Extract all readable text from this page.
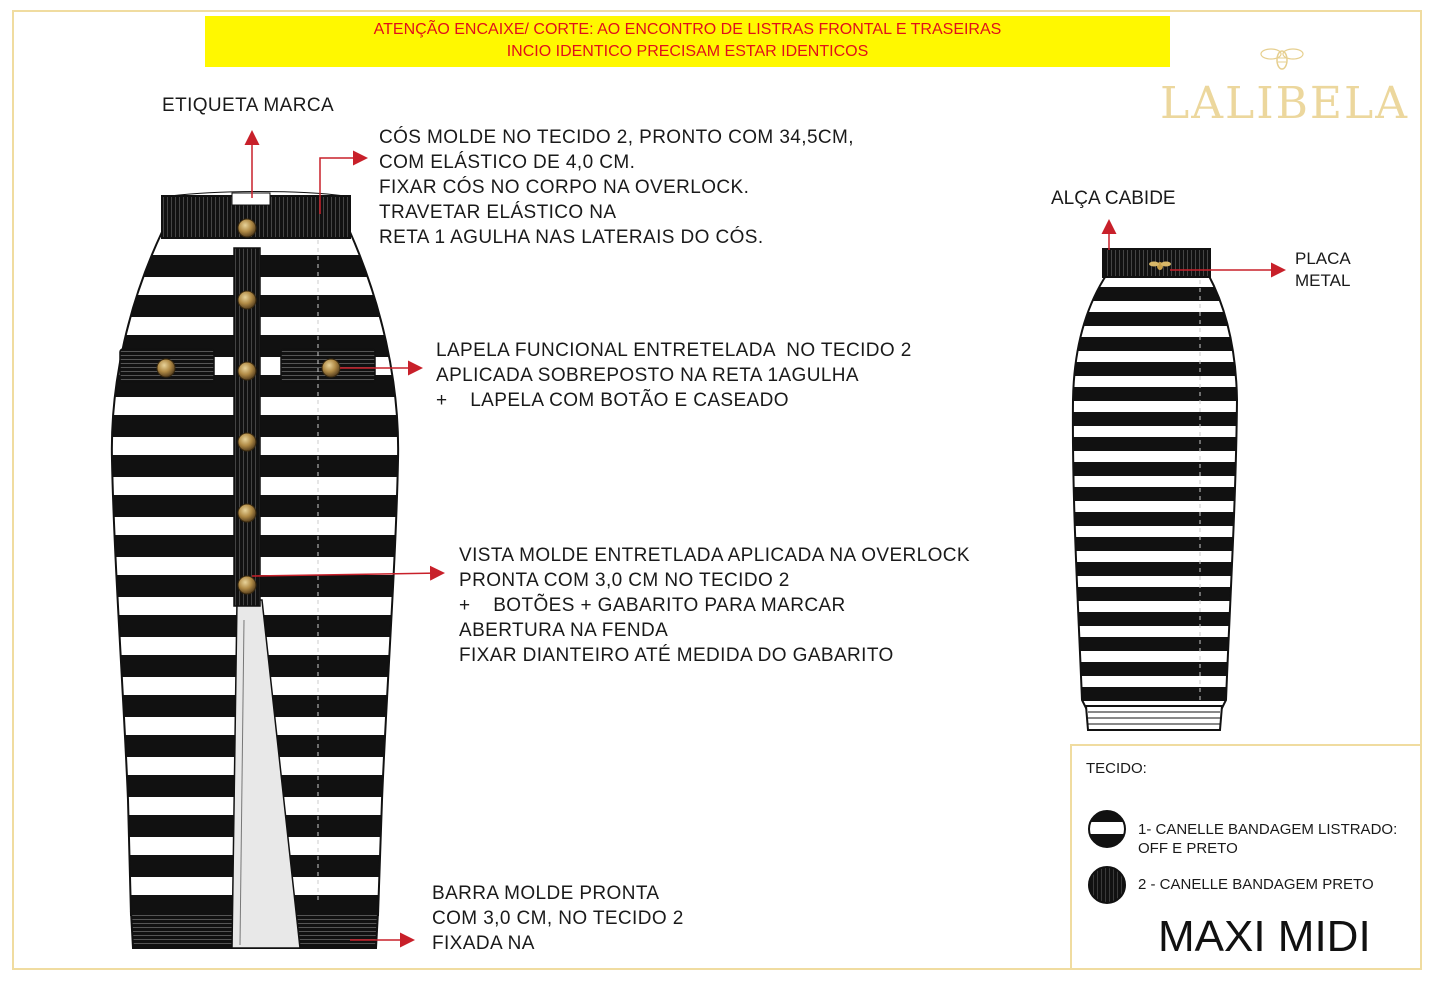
ATENÇÃO ENCAIXE/ CORTE: AO ENCONTRO DE LISTRAS FRONTAL E TRASEIRAS
INCIO IDENTICO PRECISAM ESTAR IDENTICOS
LALIBELA
ETIQUETA MARCA
CÓS MOLDE NO TECIDO 2, PRONTO COM 34,5CM,
COM ELÁSTICO DE 4,0 CM.
FIXAR CÓS NO CORPO NA OVERLOCK.
TRAVETAR ELÁSTICO NA
RETA 1 AGULHA NAS LATERAIS DO CÓS.
LAPELA FUNCIONAL ENTRETELADA  NO TECIDO 2
APLICADA SOBREPOSTO NA RETA 1AGULHA
+    LAPELA COM BOTÃO E CASEADO
VISTA MOLDE ENTRETLADA APLICADA NA OVERLOCK
PRONTA COM 3,0 CM NO TECIDO 2
+    BOTÕES + GABARITO PARA MARCAR
ABERTURA NA FENDA
FIXAR DIANTEIRO ATÉ MEDIDA DO GABARITO
BARRA MOLDE PRONTA
COM 3,0 CM, NO TECIDO 2
FIXADA NA
ALÇA CABIDE
PLACA
METAL
TECIDO:
1- CANELLE BANDAGEM LISTRADO:
OFF E PRETO
2 - CANELLE BANDAGEM PRETO
MAXI MIDI
